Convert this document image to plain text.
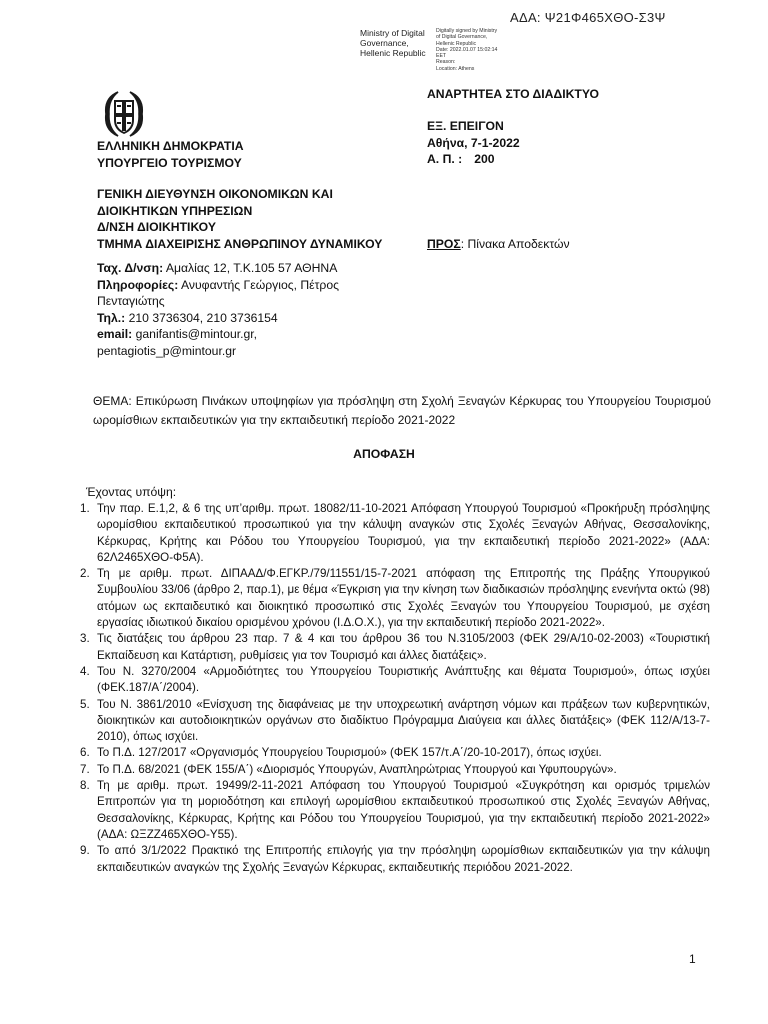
ΑΔΑ: Ψ21Φ465ΧΘΟ-Σ3Ψ
Ministry of Digital
Governance,
Hellenic Republic
Digitally signed by Ministry
of Digital Governance,
Hellenic Republic
Date: 2022.01.07 15:02:14
EET
Reason:
Location: Athens
ΕΛΛΗΝΙΚΗ ΔΗΜΟΚΡΑΤΙΑ
ΥΠΟΥΡΓΕΙΟ ΤΟΥΡΙΣΜΟΥ
ΓΕΝΙΚΗ ΔΙΕΥΘΥΝΣΗ ΟΙΚΟΝΟΜΙΚΩΝ ΚΑΙ
ΔΙΟΙΚΗΤΙΚΩΝ ΥΠΗΡΕΣΙΩΝ
Δ/ΝΣΗ ΔΙΟΙΚΗΤΙΚΟΥ
ΤΜΗΜΑ ΔΙΑΧΕΙΡΙΣΗΣ ΑΝΘΡΩΠΙΝΟΥ ΔΥΝΑΜΙΚΟΥ
Ταχ. Δ/νση: Αμαλίας 12, Τ.Κ.105 57 ΑΘΗΝΑ
Πληροφορίες: Ανυφαντής Γεώργιος, Πέτρος
Πενταγιώτης
Τηλ.: 210 3736304, 210 3736154
email: ganifantis@mintour.gr,
pentagiotis_p@mintour.gr
ΑΝΑΡΤΗΤΕΑ ΣΤΟ ΔΙΑΔΙΚΤΥΟ
ΕΞ. ΕΠΕΙΓΟΝ
Αθήνα, 7-1-2022
Α. Π. : 200
ΠΡΟΣ: Πίνακα Αποδεκτών
ΘΕΜΑ: Επικύρωση Πινάκων υποψηφίων για πρόσληψη στη Σχολή Ξεναγών Κέρκυρας του Υπουργείου Τουρισμού ωρομίσθιων εκπαιδευτικών για την εκπαιδευτική περίοδο 2021-2022
ΑΠΟΦΑΣΗ
Έχοντας υπόψη:
1. Την παρ. Ε.1,2, & 6 της υπ’αριθμ. πρωτ. 18082/11-10-2021 Απόφαση Υπουργού Τουρισμού «Προκήρυξη πρόσληψης ωρομίσθιου εκπαιδευτικού προσωπικού για την κάλυψη αναγκών στις Σχολές Ξεναγών Αθήνας, Θεσσαλονίκης, Κέρκυρας, Κρήτης και Ρόδου του Υπουργείου Τουρισμού, για την εκπαιδευτική περίοδο 2021-2022» (ΑΔΑ: 62Λ2465ΧΘΟ-Φ5Α).
2. Τη με αριθμ. πρωτ. ΔΙΠΑΑΔ/Φ.ΕΓΚΡ./79/11551/15-7-2021 απόφαση της Επιτροπής της Πράξης Υπουργικού Συμβουλίου 33/06 (άρθρο 2, παρ.1), με θέμα «Έγκριση για την κίνηση των διαδικασιών πρόσληψης ενενήντα οκτώ (98) ατόμων ως εκπαιδευτικό και διοικητικό προσωπικό στις Σχολές Ξεναγών του Υπουργείου Τουρισμού, με σχέση εργασίας ιδιωτικού δικαίου ορισμένου χρόνου (Ι.Δ.Ο.Χ.), για την εκπαιδευτική περίοδο 2021-2022».
3. Τις διατάξεις του άρθρου 23 παρ. 7 & 4 και του άρθρου 36 του Ν.3105/2003 (ΦΕΚ 29/Α/10-02-2003) «Τουριστική Εκπαίδευση και Κατάρτιση, ρυθμίσεις για τον Τουρισμό και άλλες διατάξεις».
4. Του Ν. 3270/2004 «Αρμοδιότητες του Υπουργείου Τουριστικής Ανάπτυξης και θέματα Τουρισμού», όπως ισχύει (ΦΕΚ.187/Α΄/2004).
5. Του Ν. 3861/2010 «Ενίσχυση της διαφάνειας με την υποχρεωτική ανάρτηση νόμων και πράξεων των κυβερνητικών, διοικητικών και αυτοδιοικητικών οργάνων στο διαδίκτυο Πρόγραμμα Διαύγεια και άλλες διατάξεις» (ΦΕΚ 112/Α/13-7-2010), όπως ισχύει.
6. Το Π.Δ. 127/2017 «Οργανισμός Υπουργείου Τουρισμού» (ΦΕΚ 157/τ.Α΄/20-10-2017), όπως ισχύει.
7. Το Π.Δ. 68/2021 (ΦΕΚ 155/Α΄) «Διορισμός Υπουργών, Αναπληρώτριας Υπουργού και Υφυπουργών».
8. Τη με αριθμ. πρωτ. 19499/2-11-2021 Απόφαση του Υπουργού Τουρισμού «Συγκρότηση και ορισμός τριμελών Επιτροπών για τη μοριοδότηση και επιλογή ωρομίσθιου εκπαιδευτικού προσωπικού στις Σχολές Ξεναγών Αθήνας, Θεσσαλονίκης, Κέρκυρας, Κρήτης και Ρόδου του Υπουργείου Τουρισμού, για την εκπαιδευτική περίοδο 2021-2022» (ΑΔΑ: ΩΞΖΖ465ΧΘΟ-Υ55).
9. Το από 3/1/2022 Πρακτικό της Επιτροπής επιλογής για την πρόσληψη ωρομίσθιων εκπαιδευτικών για την κάλυψη εκπαιδευτικών αναγκών της Σχολής Ξεναγών Κέρκυρας, εκπαιδευτικής περιόδου 2021-2022.
1
